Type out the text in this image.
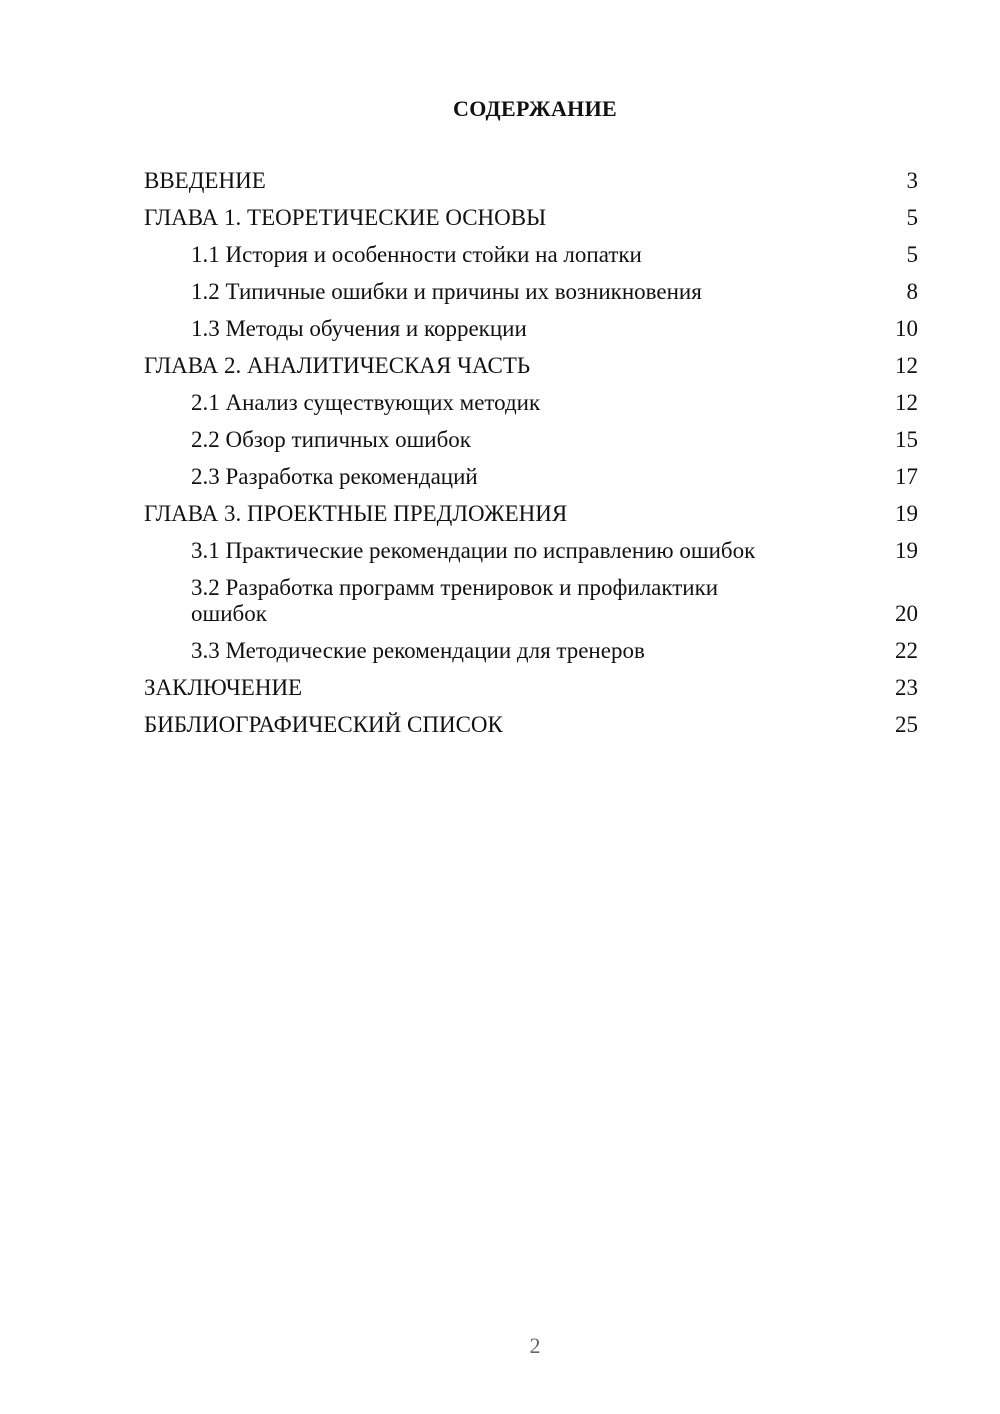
СОДЕРЖАНИЕ
ВВЕДЕНИЕ	3
ГЛАВА 1. ТЕОРЕТИЧЕСКИЕ ОСНОВЫ	5
1.1 История и особенности стойки на лопатки	5
1.2 Типичные ошибки и причины их возникновения	8
1.3 Методы обучения и коррекции	10
ГЛАВА 2. АНАЛИТИЧЕСКАЯ ЧАСТЬ	12
2.1 Анализ существующих методик	12
2.2 Обзор типичных ошибок	15
2.3 Разработка рекомендаций	17
ГЛАВА 3. ПРОЕКТНЫЕ ПРЕДЛОЖЕНИЯ	19
3.1 Практические рекомендации по исправлению ошибок	19
3.2 Разработка программ тренировок и профилактики ошибок	20
3.3 Методические рекомендации для тренеров	22
ЗАКЛЮЧЕНИЕ	23
БИБЛИОГРАФИЧЕСКИЙ СПИСОК	25
2
